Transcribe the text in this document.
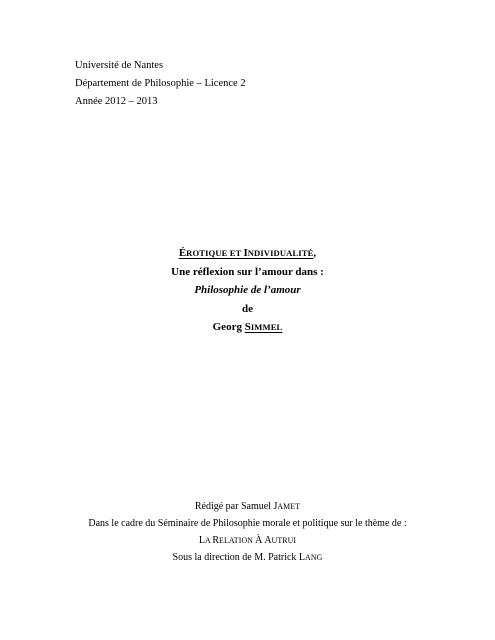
Université de Nantes
Département de Philosophie – Licence 2
Année 2012 – 2013
ÉROTIQUE ET INDIVIDUALITÉ,
Une réflexion sur l’amour dans :
Philosophie de l’amour
de
Georg SIMMEL
Rédigé par Samuel JAMET
Dans le cadre du Séminaire de Philosophie morale et politique sur le thème de :
LA RELATION À AUTRUI
Sous la direction de M. Patrick LANG
